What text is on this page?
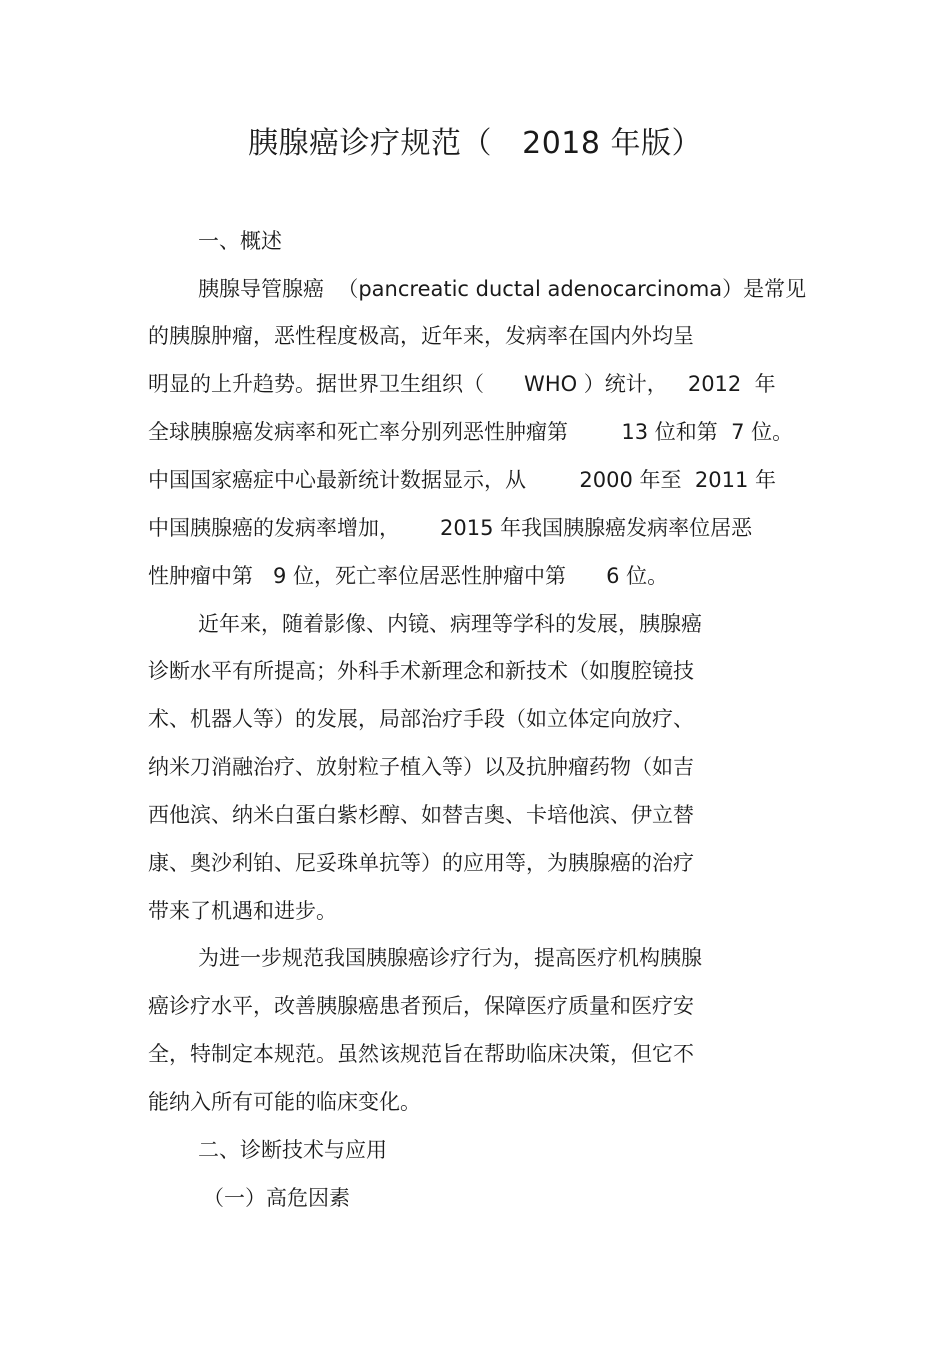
胰腺癌诊疗规范（   2018 年版）
一、概述
胰腺导管腺癌  （pancreatic ductal adenocarcinoma）是常见
的胰腺肿瘤，恶性程度极高，近年来，发病率在国内外均呈
明显的上升趋势。据世界卫生组织（      WHO ）统计，   2012  年
全球胰腺癌发病率和死亡率分别列恶性肿瘤第        13 位和第  7 位。
中国国家癌症中心最新统计数据显示，从        2000 年至  2011 年
中国胰腺癌的发病率增加，      2015 年我国胰腺癌发病率位居恶
性肿瘤中第   9 位，死亡率位居恶性肿瘤中第      6 位。
近年来，随着影像、内镜、病理等学科的发展，胰腺癌
诊断水平有所提高；外科手术新理念和新技术（如腹腔镜技
术、机器人等）的发展，局部治疗手段（如立体定向放疗、
纳米刀消融治疗、放射粒子植入等）以及抗肿瘤药物（如吉
西他滨、纳米白蛋白紫杉醇、如替吉奥、卡培他滨、伊立替
康、奥沙利铂、尼妥珠单抗等）的应用等，为胰腺癌的治疗
带来了机遇和进步。
为进一步规范我国胰腺癌诊疗行为，提高医疗机构胰腺
癌诊疗水平，改善胰腺癌患者预后，保障医疗质量和医疗安
全，特制定本规范。虽然该规范旨在帮助临床决策，但它不
能纳入所有可能的临床变化。
二、诊断技术与应用
（一）高危因素
